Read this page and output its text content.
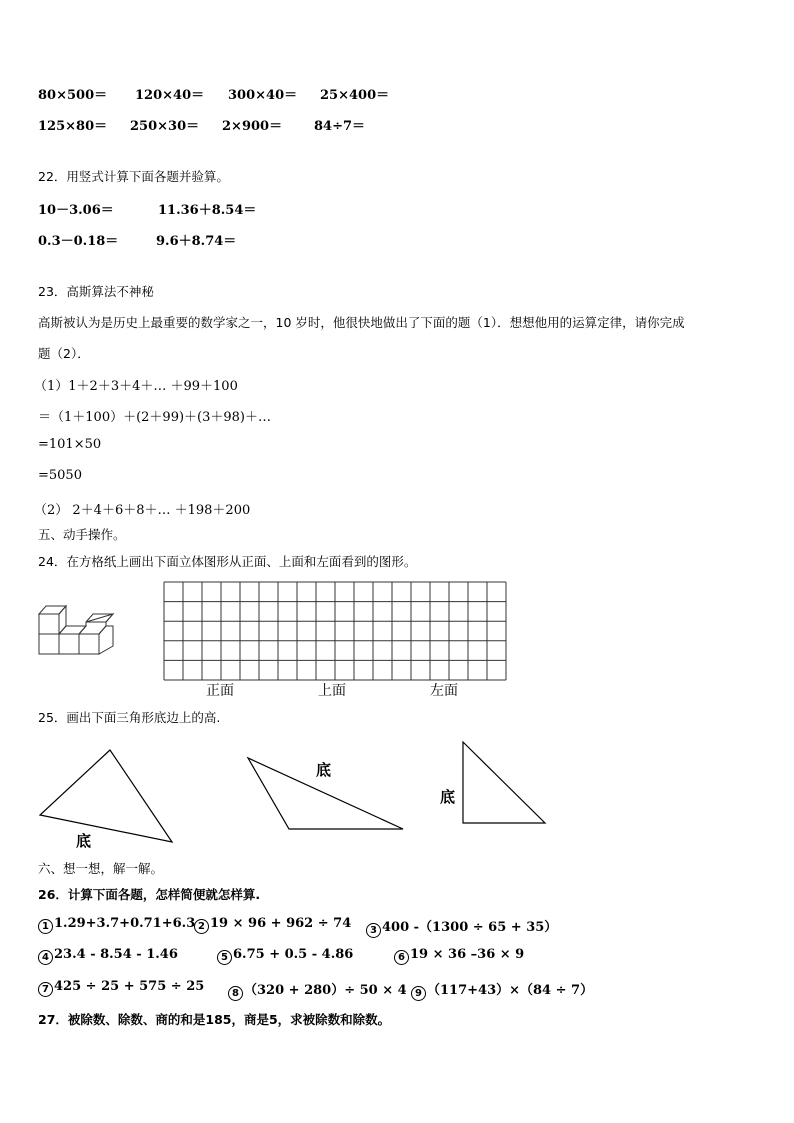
80×500＝ 120×40＝ 300×40＝ 25×400＝
125×80＝ 250×30＝ 2×900＝ 84÷7＝
22．用竖式计算下面各题并验算。
10－3.06＝	11.36＋8.54＝
0.3－0.18＝	9.6＋8.74＝
23．高斯算法不神秘
高斯被认为是历史上最重要的数学家之一，10 岁时，他很快地做出了下面的题（1）．想想他用的运算定律，请你完成
题（2）．
（1）1＋2＋3＋4＋… ＋99＋100
＝（1＋100）＋(2＋99)＋(3＋98)＋…
=101×50
=5050
（2） 2＋4＋6＋8＋… ＋198＋200
五、动手操作。
24．在方格纸上画出下面立体图形从正面、上面和左面看到的图形。
正面	上面	左面
25．画出下面三角形底边上的高.
底
底
底
六、想一想，解一解。
26．计算下面各题，怎样简便就怎样算.
1 1.29+3.7+0.71+6.3 2 19 × 96 + 962 ÷ 74	3 400 -（1300 ÷ 65 + 35）
4 23.4 - 8.54 - 1.46	5 6.75 + 0.5 - 4.86	6 19 × 36 –36 × 9
7 425 ÷ 25 + 575 ÷ 25	8 （320 + 280）÷ 50 × 4 9 （117+43）×（84 ÷ 7）
27．被除数、除数、商的和是185，商是5，求被除数和除数。
